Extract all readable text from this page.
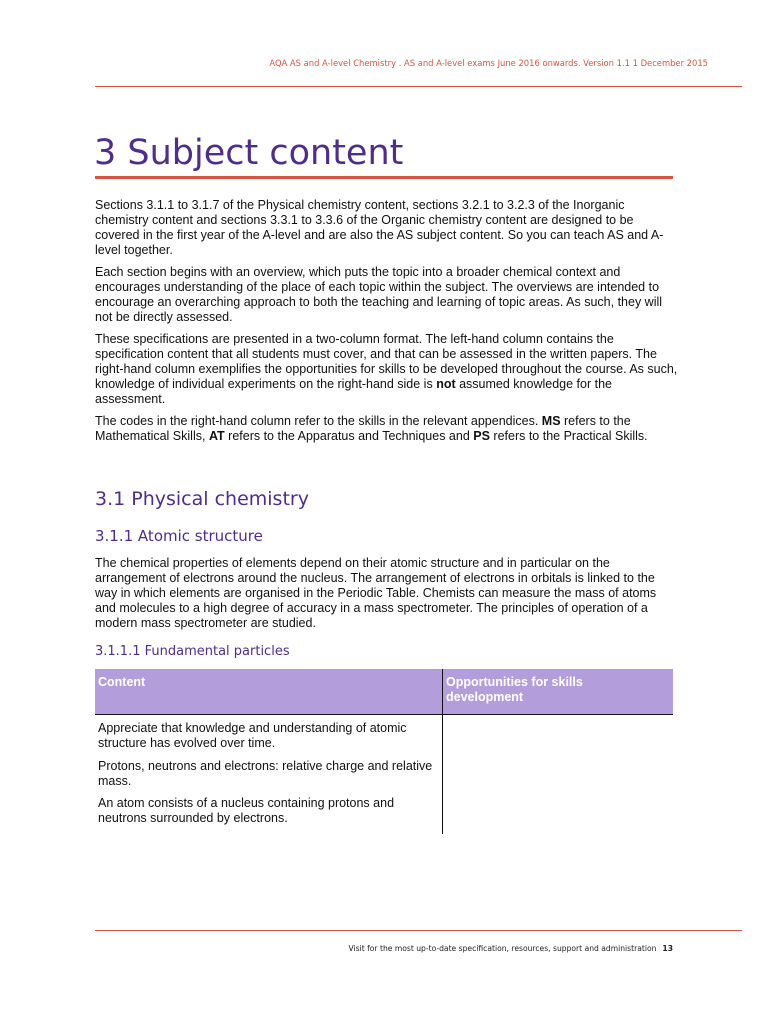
AQA AS and A-level Chemistry . AS and A-level exams June 2016 onwards. Version 1.1 1 December 2015
3 Subject content

Sections 3.1.1 to 3.1.7 of the Physical chemistry content, sections 3.2.1 to 3.2.3 of the Inorganic chemistry content and sections 3.3.1 to 3.3.6 of the Organic chemistry content are designed to be covered in the first year of the A-level and are also the AS subject content. So you can teach AS and A-level together.

Each section begins with an overview, which puts the topic into a broader chemical context and encourages understanding of the place of each topic within the subject. The overviews are intended to encourage an overarching approach to both the teaching and learning of topic areas. As such, they will not be directly assessed.

These specifications are presented in a two-column format. The left-hand column contains the specification content that all students must cover, and that can be assessed in the written papers. The right-hand column exemplifies the opportunities for skills to be developed throughout the course. As such, knowledge of individual experiments on the right-hand side is not assumed knowledge for the assessment.

The codes in the right-hand column refer to the skills in the relevant appendices. MS refers to the Mathematical Skills, AT refers to the Apparatus and Techniques and PS refers to the Practical Skills.

3.1 Physical chemistry
3.1.1 Atomic structure

The chemical properties of elements depend on their atomic structure and in particular on the arrangement of electrons around the nucleus. The arrangement of electrons in orbitals is linked to the way in which elements are organised in the Periodic Table. Chemists can measure the mass of atoms and molecules to a high degree of accuracy in a mass spectrometer. The principles of operation of a modern mass spectrometer are studied.

3.1.1.1 Fundamental particles
Content	Opportunities for skills development

Appreciate that knowledge and understanding of atomic structure has evolved over time.

Protons, neutrons and electrons: relative charge and relative mass.

An atom consists of a nucleus containing protons and neutrons surrounded by electrons.

Visit for the most up-to-date specification, resources, support and administration 13
